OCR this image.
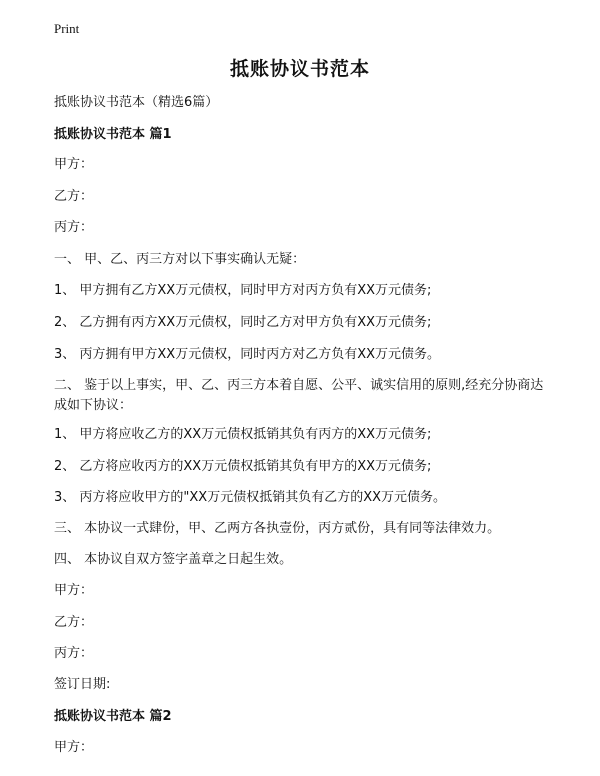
Print
抵账协议书范本
抵账协议书范本（精选6篇）
抵账协议书范本 篇1
甲方：
乙方：
丙方：
一、 甲、乙、丙三方对以下事实确认无疑：
1、 甲方拥有乙方XX万元债权，同时甲方对丙方负有XX万元债务;
2、 乙方拥有丙方XX万元债权，同时乙方对甲方负有XX万元债务;
3、 丙方拥有甲方XX万元债权，同时丙方对乙方负有XX万元债务。
二、 鉴于以上事实，甲、乙、丙三方本着自愿、公平、诚实信用的原则,经充分协商达成如下协议：
1、 甲方将应收乙方的XX万元债权抵销其负有丙方的XX万元债务;
2、 乙方将应收丙方的XX万元债权抵销其负有甲方的XX万元债务;
3、 丙方将应收甲方的"XX万元债权抵销其负有乙方的XX万元债务。
三、 本协议一式肆份，甲、乙两方各执壹份，丙方贰份，具有同等法律效力。
四、 本协议自双方签字盖章之日起生效。
甲方：
乙方：
丙方：
签订日期:
抵账协议书范本 篇2
甲方：
